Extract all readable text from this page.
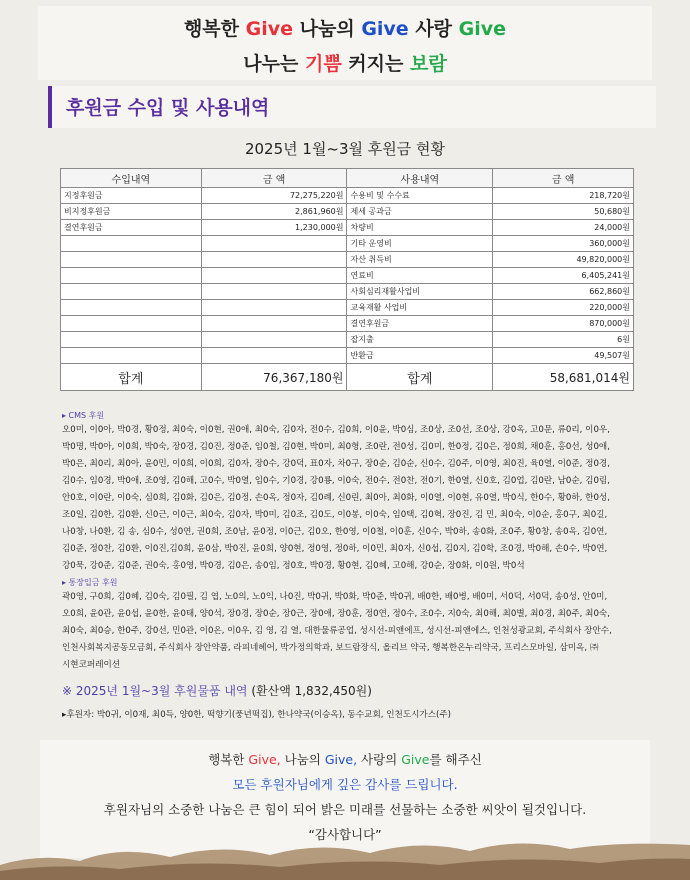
행복한 Give 나눔의 Give 사랑 Give
나누는 기쁨 커지는 보람
후원금 수입 및 사용내역
2025년 1월~3월 후원금 현황
수입내역	금 액	사용내역	금 액
지정후원금	72,275,220원	수용비 및 수수료	218,720원
비지정후원금	2,861,960원	제세 공과금	50,680원
결연후원금	1,230,000원	차량비	24,000원
		기타 운영비	360,000원
		자산 취득비	49,820,000원
		연료비	6,405,241원
		사회심리재활사업비	662,860원
		교육재활 사업비	220,000원
		결연후원금	870,000원
		잡지출	6원
		반환금	49,507원
합계	76,367,180원	합계	58,681,014원
▸ CMS 후원
오0미, 이0아, 박0경, 황0정, 최0숙, 이0현, 권0애, 최0숙, 김0자, 전0수, 김0희, 이0윤, 박0심, 조0상, 조0선, 조0상, 강0옥, 고0문, 류0리, 이0우, 박0명, 박0아, 이0희, 박0숙, 장0경, 김0진, 정0준, 임0철, 김0현, 박0미, 최0형, 조0란, 전0성, 김0미, 한0정, 김0은, 정0희, 채0훈, 홍0선, 성0애, 박0은, 최0리, 최0아, 윤0민, 이0희, 이0희, 김0자, 장0수, 강0덕, 표0자, 차0구, 장0순, 김0순, 신0수, 김0주, 이0영, 최0진, 육0열, 이0준, 정0경, 김0수, 임0경, 박0애, 조0영, 김0해, 고0수, 박0열, 임0수, 기0경, 강0룡, 이0숙, 전0수, 전0찬, 전0기, 한0열, 신0호, 김0업, 김0란, 남0순, 김0림, 안0호, 이0란, 이0숙, 심0희, 김0화, 김0은, 김0정, 손0옥, 정0자, 김0례, 신0린, 최0아, 최0화, 이0열, 이0현, 유0열, 박0식, 한0수, 황0하, 한0성, 조0일, 김0한, 김0환, 신0근, 이0근, 최0숙, 김0자, 박0미, 김0조, 김0도, 이0봉, 이0숙, 임0택, 김0혁, 장0진, 김 민, 최0숙, 이0순, 홍0구, 최0길, 나0창, 나0환, 김 송, 심0수, 성0연, 권0희, 조0남, 윤0정, 이0근, 김0오, 한0영, 이0철, 이0훈, 신0수, 박0하, 송0화, 조0주, 황0창, 송0옥, 김0연, 김0준, 정0찬, 김0환, 이0진,김0희, 윤0삼, 박0진, 윤0희, 양0현, 정0영, 정0하, 이0민, 최0자, 신0섭, 김0지, 김0학, 조0경, 박0해, 손0수, 박0연, 강0묵, 강0준, 김0준, 권0숙, 홍0영, 박0경, 김0은, 송0임, 정0호, 박0경, 황0현, 김0혜, 고0해, 강0순, 장0화, 이0원, 박0석
▸ 통장입금 후원
곽0영, 구0희, 김0혜, 김0숙, 김0필, 김 엽, 노0의, 노0익, 나0진, 박0귀, 박0화, 박0준, 박0귀, 배0한, 배0병, 배0미, 서0덕, 서0덕, 송0성, 안0미, 오0희, 윤0관, 윤0섭, 윤0한, 윤0태, 양0석, 장0경, 장0순, 장0근, 장0애, 장0훈, 정0연, 정0수, 조0수, 지0숙, 최0해, 최0별, 최0경, 최0주, 최0숙, 최0숙, 최0승, 한0주, 강0선, 민0관, 이0온, 이0우, 김 영, 김 열, 대한물류공업, 성시선-피앤에프, 성시선-피앤에스, 인천성광교회, 주식회사 장안수, 인천사회복지공동모금회, 주식회사 장안약품, 라피네헤어, 박가정의학과, 보드람장식, 올리브 약국, 행복한온누리약국, 프리스모바일, 삼미옥, ㈜시현코퍼레이션
※ 2025년 1월~3월 후원물품 내역 (환산액 1,832,450원)
▸후원자: 박0귀, 이0재, 최0득, 양0한, 떡향기(풍년떡집), 한나약국(이승옥), 동수교회, 인천도시가스(주)
행복한 Give, 나눔의 Give, 사랑의 Give를 해주신
모든 후원자님에게 깊은 감사를 드립니다.
후원자님의 소중한 나눔은 큰 힘이 되어 밝은 미래를 선물하는 소중한 씨앗이 될것입니다.
“감사합니다”
